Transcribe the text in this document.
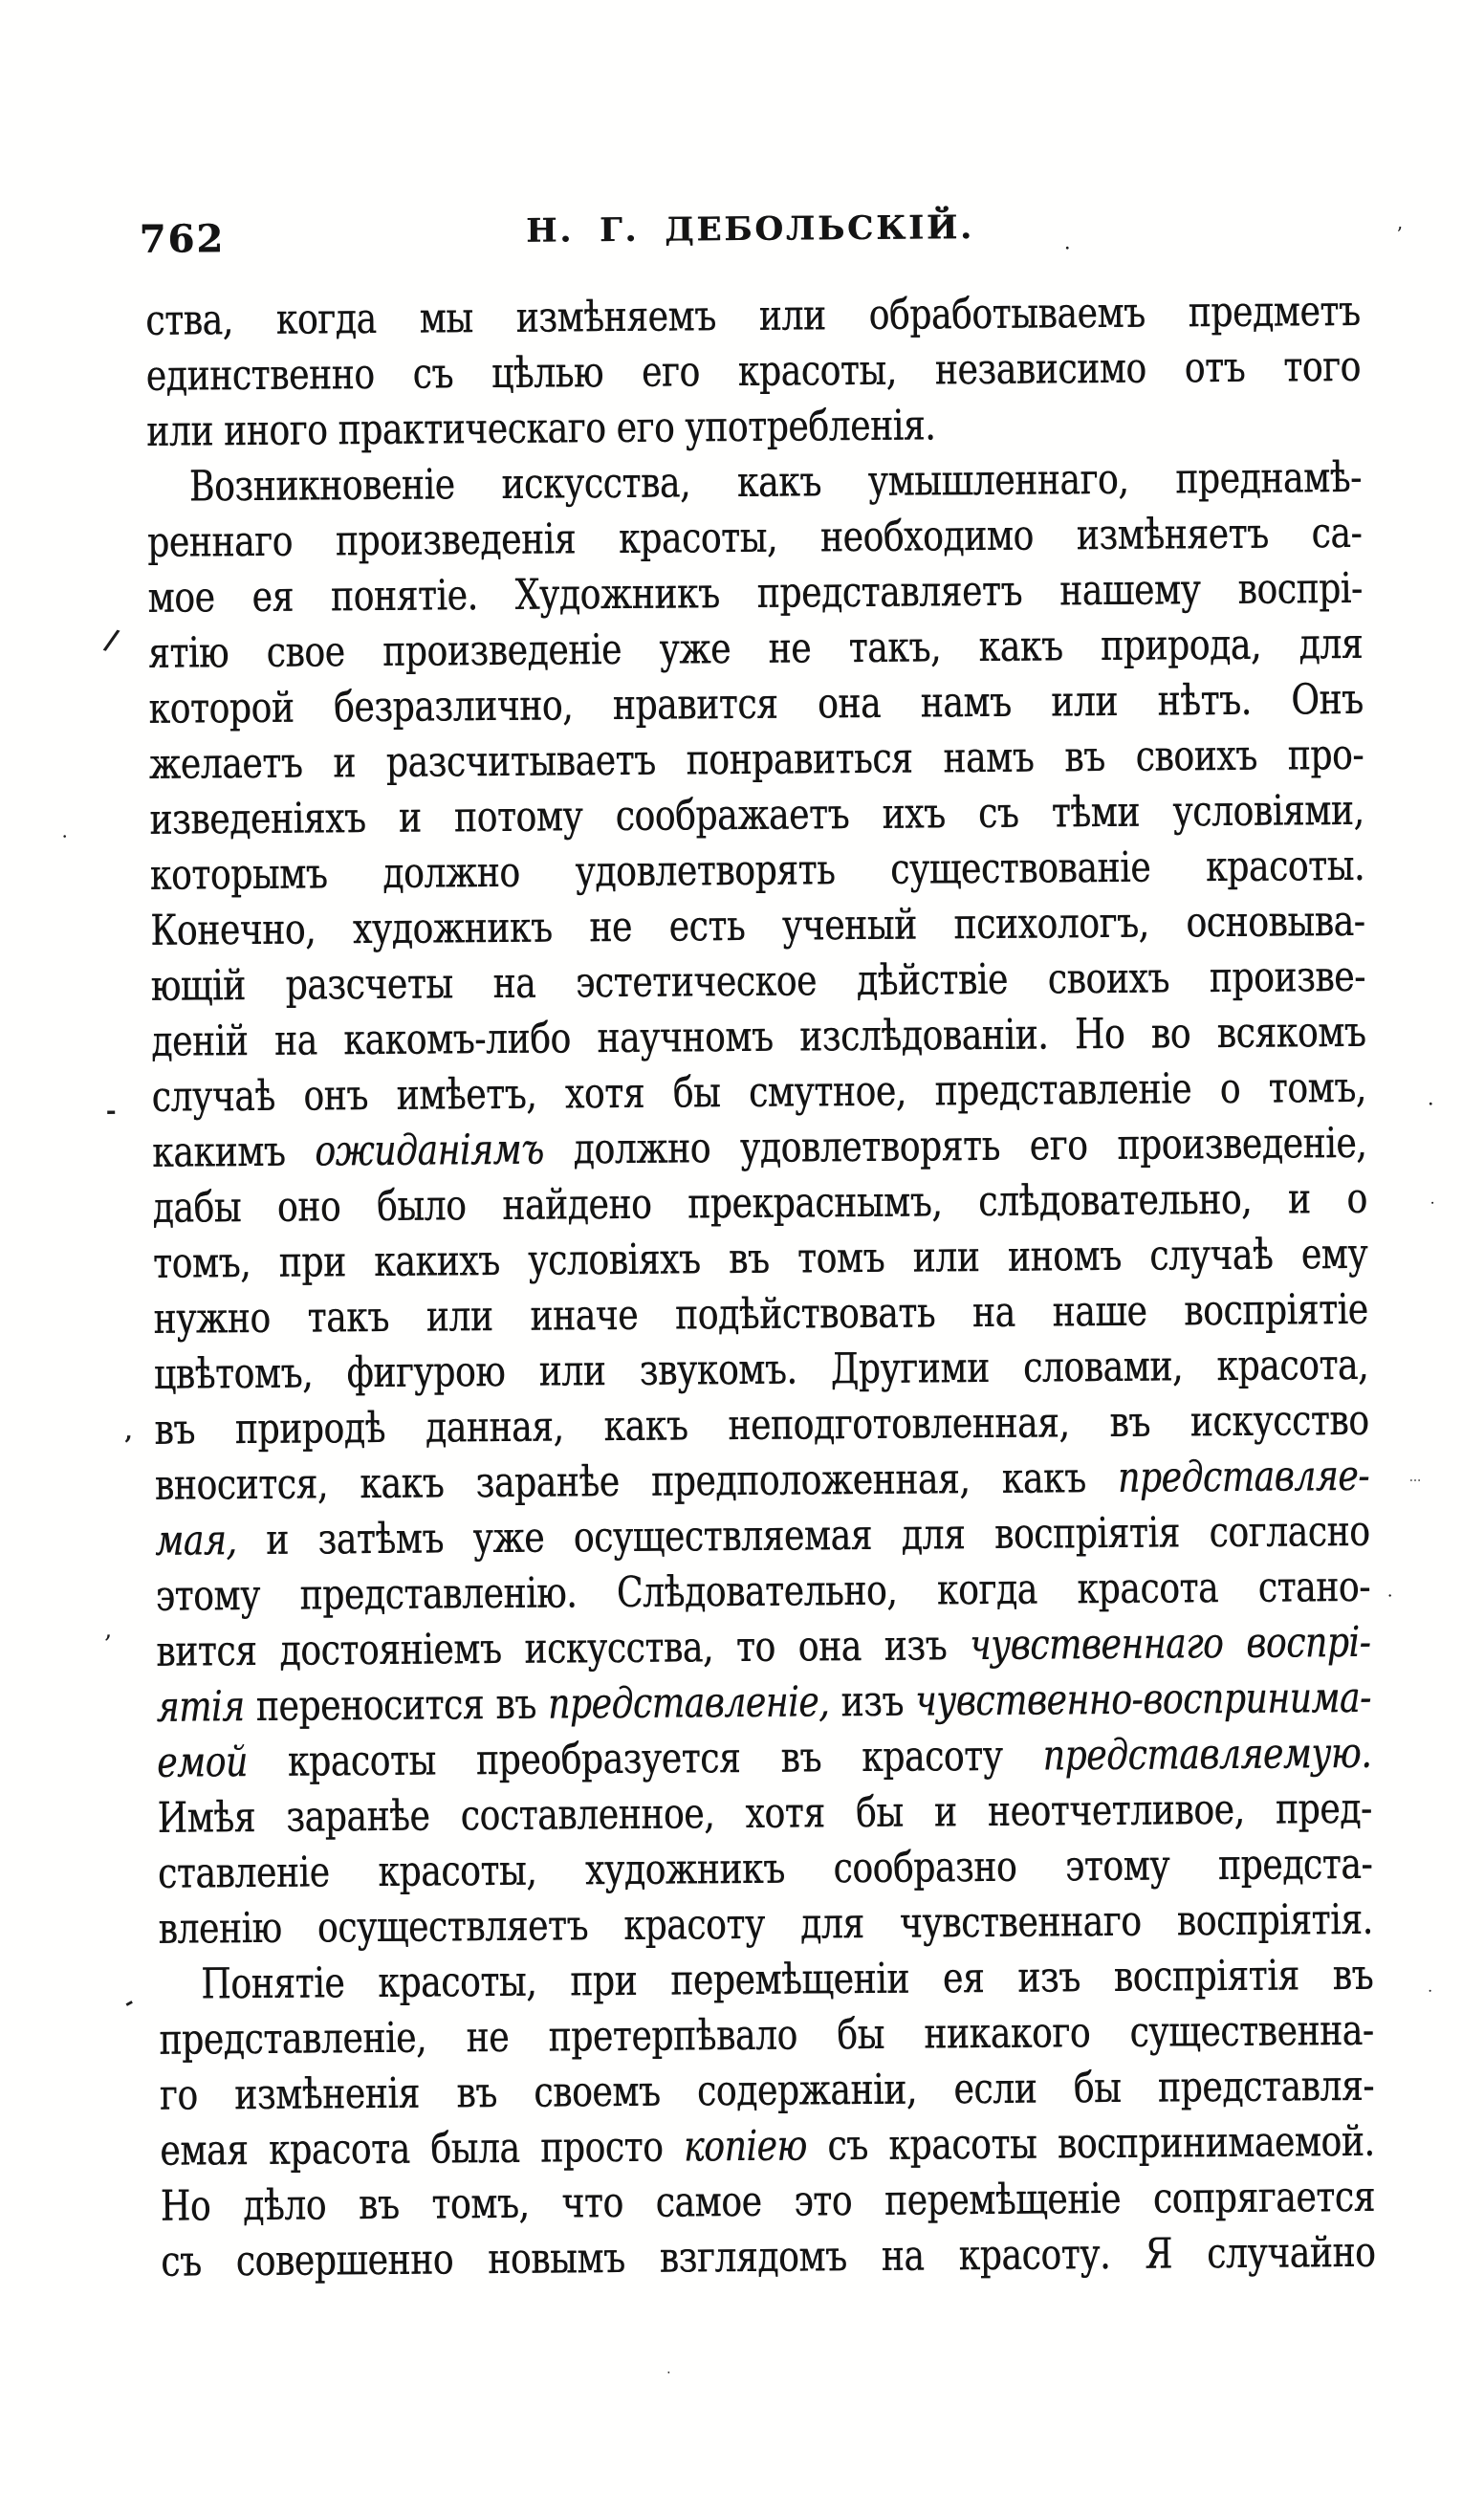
762	Н. Г. ДЕБОЛЬСКІЙ.
ства, когда мы измѣняемъ или обработываемъ предметъ
единственно съ цѣлью его красоты, независимо отъ того
или иного практическаго его употребленія.
Возникновеніе искусства, какъ умышленнаго, преднамѣ-
реннаго произведенія красоты, необходимо измѣняетъ са-
мое ея понятіе. Художникъ представляетъ нашему воспрі-
ятію свое произведеніе уже не такъ, какъ природа, для
которой безразлично, нравится она намъ или нѣтъ. Онъ
желаетъ и разсчитываетъ понравиться намъ въ своихъ про-
изведеніяхъ и потому соображаетъ ихъ съ тѣми условіями,
которымъ должно удовлетворять существованіе красоты.
Конечно, художникъ не есть ученый психологъ, основыва-
ющій разсчеты на эстетическое дѣйствіе своихъ произве-
деній на какомъ-либо научномъ изслѣдованіи. Но во всякомъ
случаѣ онъ имѣетъ, хотя бы смутное, представленіе о томъ,
какимъ ожиданіямъ должно удовлетворять его произведеніе,
дабы оно было найдено прекраснымъ, слѣдовательно, и о
томъ, при какихъ условіяхъ въ томъ или иномъ случаѣ ему
нужно такъ или иначе подѣйствовать на наше воспріятіе
цвѣтомъ, фигурою или звукомъ. Другими словами, красота,
въ природѣ данная, какъ неподготовленная, въ искусство
вносится, какъ заранѣе предположенная, какъ представляе-
мая, и затѣмъ уже осуществляемая для воспріятія согласно
этому представленію. Слѣдовательно, когда красота стано-
вится достояніемъ искусства, то она изъ чувственнаго воспрі-
ятія переносится въ представленіе, изъ чувственно-воспринима-
емой красоты преобразуется въ красоту представляемую.
Имѣя заранѣе составленное, хотя бы и неотчетливое, пред-
ставленіе красоты, художникъ сообразно этому предста-
вленію осуществляетъ красоту для чувственнаго воспріятія.
Понятіе красоты, при перемѣщеніи ея изъ воспріятія въ
представленіе, не претерпѣвало бы никакого существенна-
го измѣненія въ своемъ содержаніи, если бы представля-
емая красота была просто копіею съ красоты воспринимаемой.
Но дѣло въ томъ, что самое это перемѣщеніе сопрягается
съ совершенно новымъ взглядомъ на красоту. Я случайно
.	’
/
.
-	.
·
’
···
·
,
-	·
.
